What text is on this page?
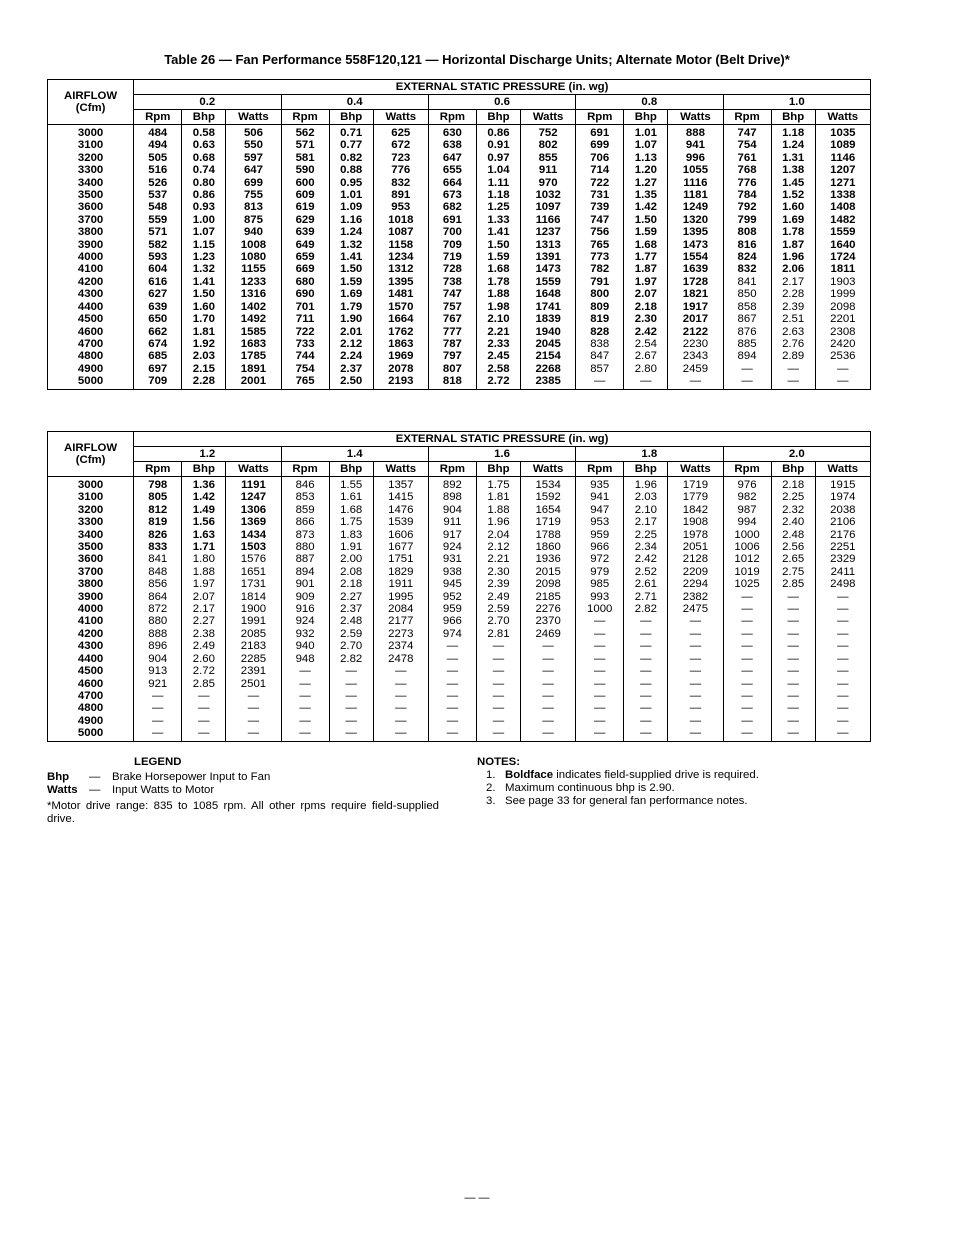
Table 26 — Fan Performance 558F120,121 — Horizontal Discharge Units; Alternate Motor (Belt Drive)*
AIRFLOW
(Cfm)	EXTERNAL STATIC PRESSURE (in. wg)														
	0.2			0.4			0.6			0.8			1.0		
	Rpm	Bhp	Watts	Rpm	Bhp	Watts	Rpm	Bhp	Watts	Rpm	Bhp	Watts	Rpm	Bhp	Watts
3000	484	0.58	506	562	0.71	625	630	0.86	752	691	1.01	888	747	1.18	1035
3100	494	0.63	550	571	0.77	672	638	0.91	802	699	1.07	941	754	1.24	1089
3200	505	0.68	597	581	0.82	723	647	0.97	855	706	1.13	996	761	1.31	1146
3300	516	0.74	647	590	0.88	776	655	1.04	911	714	1.20	1055	768	1.38	1207
3400	526	0.80	699	600	0.95	832	664	1.11	970	722	1.27	1116	776	1.45	1271
3500	537	0.86	755	609	1.01	891	673	1.18	1032	731	1.35	1181	784	1.52	1338
3600	548	0.93	813	619	1.09	953	682	1.25	1097	739	1.42	1249	792	1.60	1408
3700	559	1.00	875	629	1.16	1018	691	1.33	1166	747	1.50	1320	799	1.69	1482
3800	571	1.07	940	639	1.24	1087	700	1.41	1237	756	1.59	1395	808	1.78	1559
3900	582	1.15	1008	649	1.32	1158	709	1.50	1313	765	1.68	1473	816	1.87	1640
4000	593	1.23	1080	659	1.41	1234	719	1.59	1391	773	1.77	1554	824	1.96	1724
4100	604	1.32	1155	669	1.50	1312	728	1.68	1473	782	1.87	1639	832	2.06	1811
4200	616	1.41	1233	680	1.59	1395	738	1.78	1559	791	1.97	1728	841	2.17	1903
4300	627	1.50	1316	690	1.69	1481	747	1.88	1648	800	2.07	1821	850	2.28	1999
4400	639	1.60	1402	701	1.79	1570	757	1.98	1741	809	2.18	1917	858	2.39	2098
4500	650	1.70	1492	711	1.90	1664	767	2.10	1839	819	2.30	2017	867	2.51	2201
4600	662	1.81	1585	722	2.01	1762	777	2.21	1940	828	2.42	2122	876	2.63	2308
4700	674	1.92	1683	733	2.12	1863	787	2.33	2045	838	2.54	2230	885	2.76	2420
4800	685	2.03	1785	744	2.24	1969	797	2.45	2154	847	2.67	2343	894	2.89	2536
4900	697	2.15	1891	754	2.37	2078	807	2.58	2268	857	2.80	2459	—	—	—
5000	709	2.28	2001	765	2.50	2193	818	2.72	2385	—	—	—	—	—	—
AIRFLOW
(Cfm)	EXTERNAL STATIC PRESSURE (in. wg)														
	1.2			1.4			1.6			1.8			2.0		
	Rpm	Bhp	Watts	Rpm	Bhp	Watts	Rpm	Bhp	Watts	Rpm	Bhp	Watts	Rpm	Bhp	Watts
3000	798	1.36	1191	846	1.55	1357	892	1.75	1534	935	1.96	1719	976	2.18	1915
3100	805	1.42	1247	853	1.61	1415	898	1.81	1592	941	2.03	1779	982	2.25	1974
3200	812	1.49	1306	859	1.68	1476	904	1.88	1654	947	2.10	1842	987	2.32	2038
3300	819	1.56	1369	866	1.75	1539	911	1.96	1719	953	2.17	1908	994	2.40	2106
3400	826	1.63	1434	873	1.83	1606	917	2.04	1788	959	2.25	1978	1000	2.48	2176
3500	833	1.71	1503	880	1.91	1677	924	2.12	1860	966	2.34	2051	1006	2.56	2251
3600	841	1.80	1576	887	2.00	1751	931	2.21	1936	972	2.42	2128	1012	2.65	2329
3700	848	1.88	1651	894	2.08	1829	938	2.30	2015	979	2.52	2209	1019	2.75	2411
3800	856	1.97	1731	901	2.18	1911	945	2.39	2098	985	2.61	2294	1025	2.85	2498
3900	864	2.07	1814	909	2.27	1995	952	2.49	2185	993	2.71	2382	—	—	—
4000	872	2.17	1900	916	2.37	2084	959	2.59	2276	1000	2.82	2475	—	—	—
4100	880	2.27	1991	924	2.48	2177	966	2.70	2370	—	—	—	—	—	—
4200	888	2.38	2085	932	2.59	2273	974	2.81	2469	—	—	—	—	—	—
4300	896	2.49	2183	940	2.70	2374	—	—	—	—	—	—	—	—	—
4400	904	2.60	2285	948	2.82	2478	—	—	—	—	—	—	—	—	—
4500	913	2.72	2391	—	—	—	—	—	—	—	—	—	—	—	—
4600	921	2.85	2501	—	—	—	—	—	—	—	—	—	—	—	—
4700	—	—	—	—	—	—	—	—	—	—	—	—	—	—	—
4800	—	—	—	—	—	—	—	—	—	—	—	—	—	—	—
4900	—	—	—	—	—	—	—	—	—	—	—	—	—	—	—
5000	—	—	—	—	—	—	—	—	—	—	—	—	—	—	—
LEGEND
Bhp	—	Brake Horsepower Input to Fan
Watts	—	Input Watts to Motor
*Motor drive range: 835 to 1085 rpm. All other rpms require field-supplied drive.
NOTES:
1. Boldface indicates field-supplied drive is required.
2. Maximum continuous bhp is 2.90.
3. See page 33 for general fan performance notes.
— —
